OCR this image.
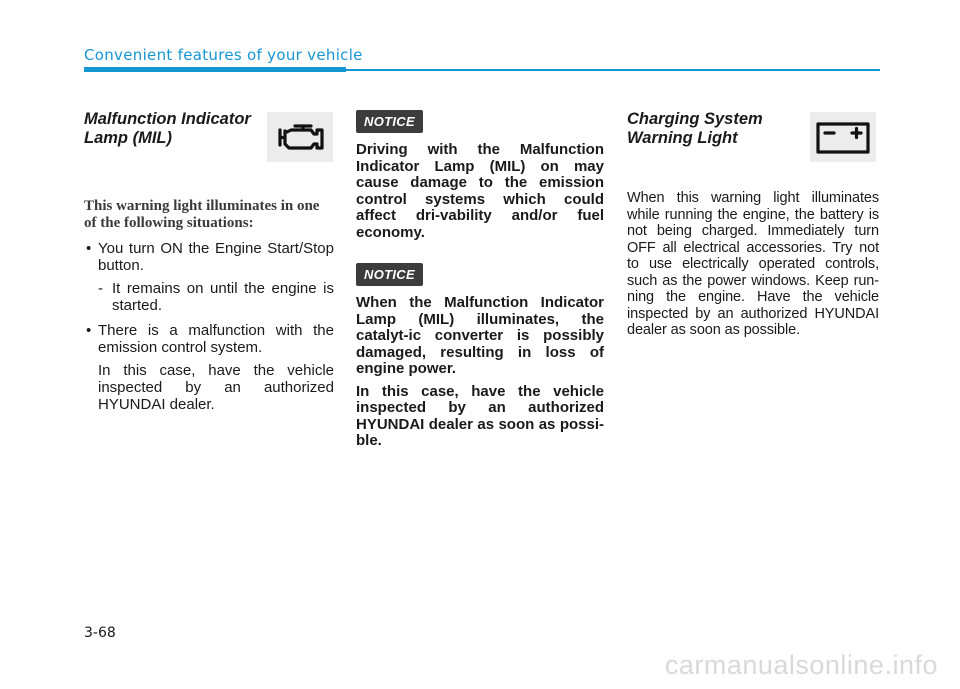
Convenient features of your vehicle

Malfunction Indicator Lamp (MIL)

This warning light illuminates in one of the following situations:
• You turn ON the Engine Start/Stop button.

- It remains on until the engine is started.

• There is a malfunction with the emission control system.

In this case, have the vehicle inspected by an authorized HYUNDAI dealer.

NOTICE

Driving with the Malfunction Indicator Lamp (MIL) on may cause damage to the emission control systems which could affect dri-vability and/or fuel economy.

NOTICE

When the Malfunction Indicator Lamp (MIL) illuminates, the catalyt-ic converter is possibly damaged, resulting in loss of engine power.

In this case, have the vehicle inspected by an authorized HYUNDAI dealer as soon as possi-ble.

Charging System Warning Light

When this warning light illuminates while running the engine, the battery is not being charged. Immediately turn OFF all electrical accessories. Try not to use electrically operated controls, such as the power windows. Keep run-ning the engine. Have the vehicle inspected by an authorized HYUNDAI dealer as soon as possible.

3-68
carmanualsonline.info
